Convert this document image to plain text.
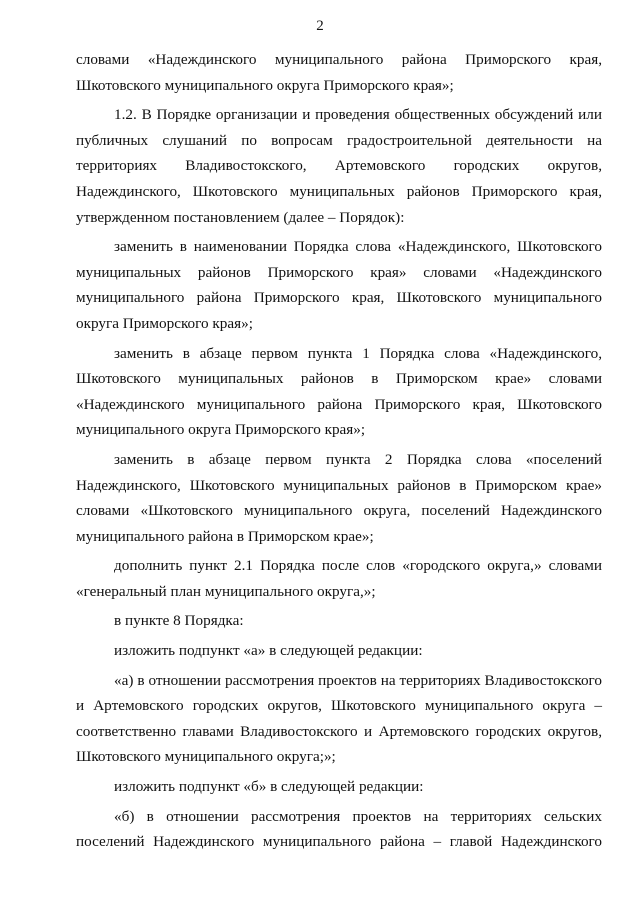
2

словами «Надеждинского муниципального района Приморского края, Шкотовского муниципального округа Приморского края»;

1.2. В Порядке организации и проведения общественных обсуждений или публичных слушаний по вопросам градостроительной деятельности на территориях Владивостокского, Артемовского городских округов, Надеждинского, Шкотовского муниципальных районов Приморского края, утвержденном постановлением (далее – Порядок):

заменить в наименовании Порядка слова «Надеждинского, Шкотовского муниципальных районов Приморского края» словами «Надеждинского муниципального района Приморского края, Шкотовского муниципального округа Приморского края»;

заменить в абзаце первом пункта 1 Порядка слова «Надеждинского, Шкотовского муниципальных районов в Приморском крае» словами «Надеждинского муниципального района Приморского края, Шкотовского муниципального округа Приморского края»;

заменить в абзаце первом пункта 2 Порядка слова «поселений Надеждинского, Шкотовского муниципальных районов в Приморском крае» словами «Шкотовского муниципального округа, поселений Надеждинского муниципального района в Приморском крае»;

дополнить пункт 2.1 Порядка после слов «городского округа,» словами «генеральный план муниципального округа,»;

в пункте 8 Порядка:

изложить подпункт «а» в следующей редакции:

«а) в отношении рассмотрения проектов на территориях Владивостокского и Артемовского городских округов, Шкотовского муниципального округа – соответственно главами Владивостокского и Артемовского городских округов, Шкотовского муниципального округа;»;

изложить подпункт «б» в следующей редакции:

«б) в отношении рассмотрения проектов на территориях сельских поселений Надеждинского муниципального района – главой Надеждинского
